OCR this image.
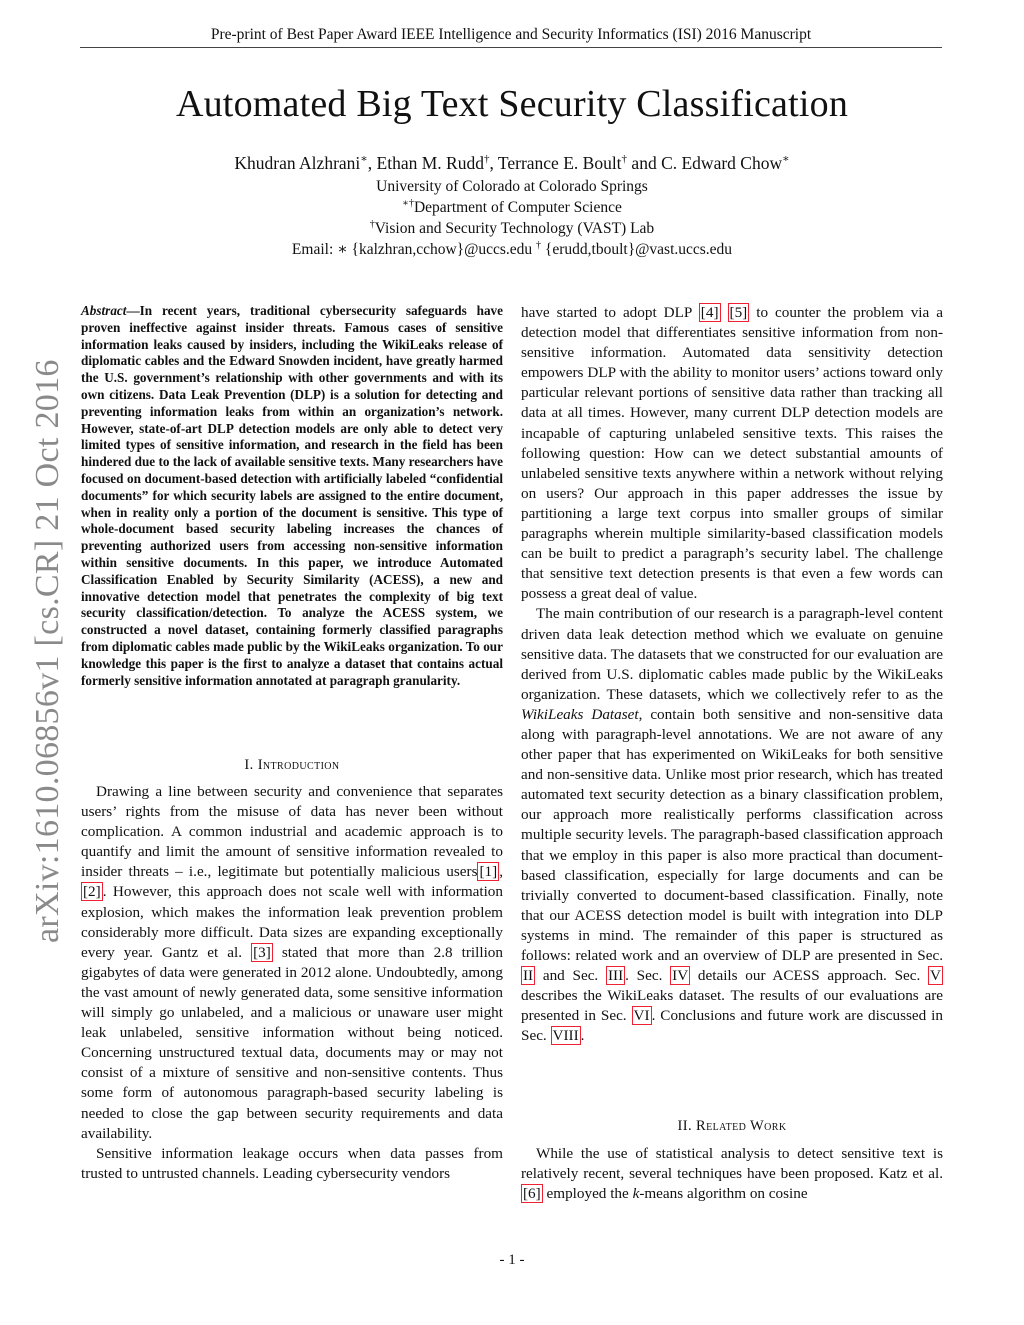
Pre-print of Best Paper Award IEEE Intelligence and Security Informatics (ISI) 2016 Manuscript
Automated Big Text Security Classification
Khudran Alzhrani∗, Ethan M. Rudd†, Terrance E. Boult† and C. Edward Chow∗
University of Colorado at Colorado Springs
∗†Department of Computer Science
†Vision and Security Technology (VAST) Lab
Email: ∗ {kalzhran,cchow}@uccs.edu † {erudd,tboult}@vast.uccs.edu
arXiv:1610.06856v1 [cs.CR] 21 Oct 2016
Abstract—In recent years, traditional cybersecurity safeguards have proven ineffective against insider threats. Famous cases of sensitive information leaks caused by insiders, including the WikiLeaks release of diplomatic cables and the Edward Snowden incident, have greatly harmed the U.S. government’s relationship with other governments and with its own citizens. Data Leak Prevention (DLP) is a solution for detecting and preventing information leaks from within an organization’s network. However, state-of-art DLP detection models are only able to detect very limited types of sensitive information, and research in the field has been hindered due to the lack of available sensitive texts. Many researchers have focused on document-based detection with artificially labeled “confidential documents” for which security labels are assigned to the entire document, when in reality only a portion of the document is sensitive. This type of whole-document based security labeling increases the chances of preventing authorized users from accessing non-sensitive information within sensitive documents. In this paper, we introduce Automated Classification Enabled by Security Similarity (ACESS), a new and innovative detection model that penetrates the complexity of big text security classification/detection. To analyze the ACESS system, we constructed a novel dataset, containing formerly classified paragraphs from diplomatic cables made public by the WikiLeaks organization. To our knowledge this paper is the first to analyze a dataset that contains actual formerly sensitive information annotated at paragraph granularity.
I. Introduction

Drawing a line between security and convenience that separates users’ rights from the misuse of data has never been without complication. A common industrial and academic approach is to quantify and limit the amount of sensitive information revealed to insider threats – i.e., legitimate but potentially malicious users [1] , [2] . However, this approach does not scale well with information explosion, which makes the information leak prevention problem considerably more difficult. Data sizes are expanding exceptionally every year. Gantz et al. [3] stated that more than 2.8 trillion gigabytes of data were generated in 2012 alone. Undoubtedly, among the vast amount of newly generated data, some sensitive information will simply go unlabeled, and a malicious or unaware user might leak unlabeled, sensitive information without being noticed. Concerning unstructured textual data, documents may or may not consist of a mixture of sensitive and non-sensitive contents. Thus some form of autonomous paragraph-based security labeling is needed to close the gap between security requirements and data availability.

Sensitive information leakage occurs when data passes from trusted to untrusted channels. Leading cybersecurity vendors

have started to adopt DLP [4] [5] to counter the problem via a detection model that differentiates sensitive information from non-sensitive information. Automated data sensitivity detection empowers DLP with the ability to monitor users’ actions toward only particular relevant portions of sensitive data rather than tracking all data at all times. However, many current DLP detection models are incapable of capturing unlabeled sensitive texts. This raises the following question: How can we detect substantial amounts of unlabeled sensitive texts anywhere within a network without relying on users? Our approach in this paper addresses the issue by partitioning a large text corpus into smaller groups of similar paragraphs wherein multiple similarity-based classification models can be built to predict a paragraph’s security label. The challenge that sensitive text detection presents is that even a few words can possess a great deal of value.

The main contribution of our research is a paragraph-level content driven data leak detection method which we evaluate on genuine sensitive data. The datasets that we constructed for our evaluation are derived from U.S. diplomatic cables made public by the WikiLeaks organization. These datasets, which we collectively refer to as the WikiLeaks Dataset, contain both sensitive and non-sensitive data along with paragraph-level annotations. We are not aware of any other paper that has experimented on WikiLeaks for both sensitive and non-sensitive data. Unlike most prior research, which has treated automated text security detection as a binary classification problem, our approach more realistically performs classification across multiple security levels. The paragraph-based classification approach that we employ in this paper is also more practical than document-based classification, especially for large documents and can be trivially converted to document-based classification. Finally, note that our ACESS detection model is built with integration into DLP systems in mind. The remainder of this paper is structured as follows: related work and an overview of DLP are presented in Sec. II and Sec. III . Sec. IV details our ACESS approach. Sec. V describes the WikiLeaks dataset. The results of our evaluations are presented in Sec. VI . Conclusions and future work are discussed in Sec. VIII .

II. Related Work

While the use of statistical analysis to detect sensitive text is relatively recent, several techniques have been proposed. Katz et al. [6] employed the k-means algorithm on cosine

- 1 -
